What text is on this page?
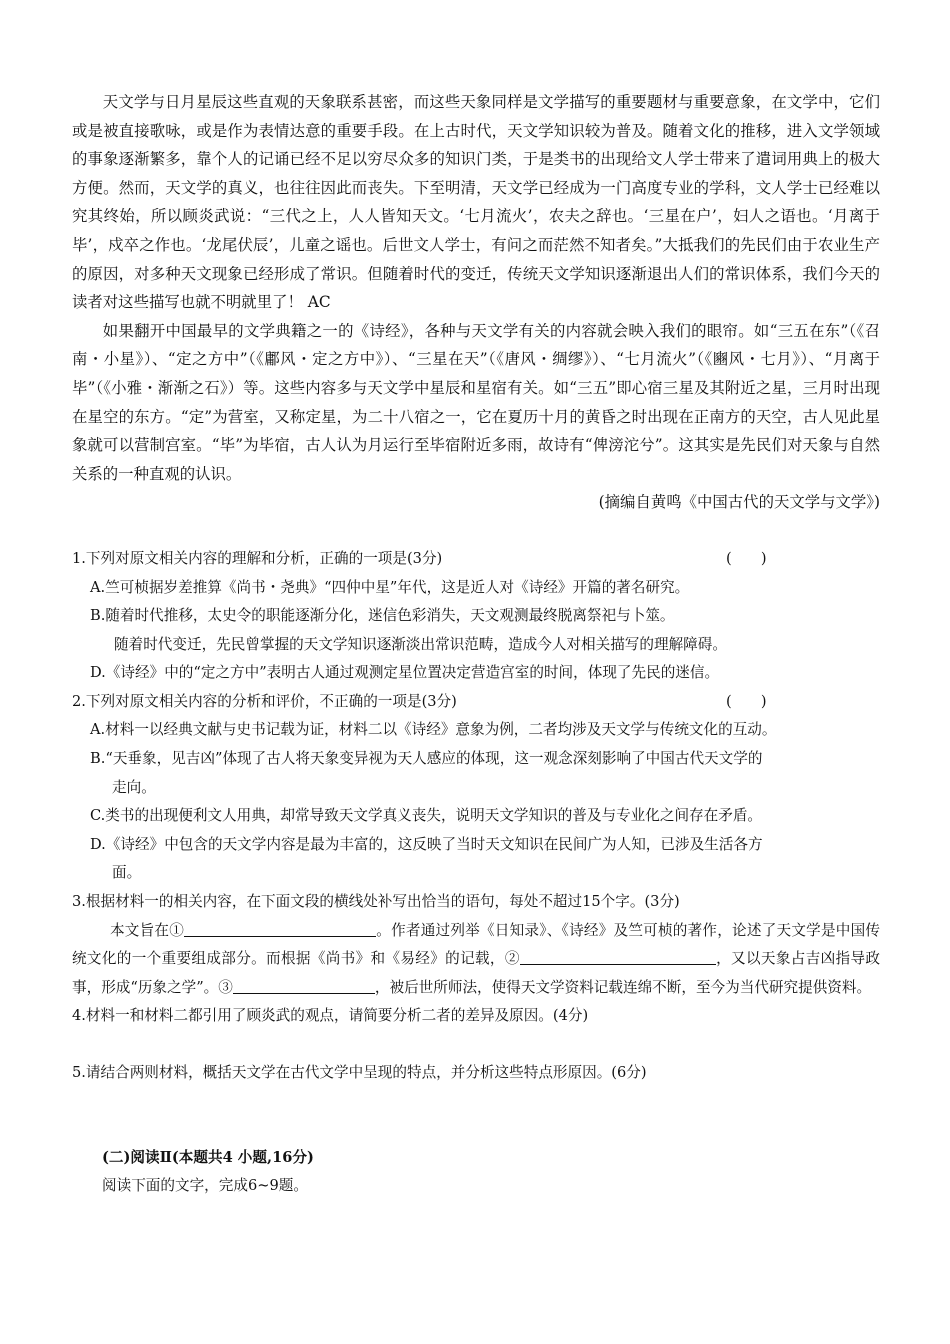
天文学与日月星辰这些直观的天象联系甚密，而这些天象同样是文学描写的重要题材与重要意象，在文学中，它们或是被直接歌咏，或是作为表情达意的重要手段。在上古时代，天文学知识较为普及。随着文化的推移，进入文学领域的事象逐渐繁多，靠个人的记诵已经不足以穷尽众多的知识门类，于是类书的出现给文人学士带来了遣词用典上的极大方便。然而，天文学的真义，也往往因此而丧失。下至明清，天文学已经成为一门高度专业的学科，文人学士已经难以究其终始，所以顾炎武说：“三代之上，人人皆知天文。‘七月流火’，农夫之辞也。‘三星在户’，妇人之语也。‘月离于毕’，戍卒之作也。‘龙尾伏辰’，儿童之谣也。后世文人学士，有问之而茫然不知者矣。”大抵我们的先民们由于农业生产的原因，对多种天文现象已经形成了常识。但随着时代的变迁，传统天文学知识逐渐退出人们的常识体系，我们今天的读者对这些描写也就不明就里了！ AC

如果翻开中国最早的文学典籍之一的《诗经》，各种与天文学有关的内容就会映入我们的眼帘。如“三五在东”（《召南・小星》）、“定之方中”（《鄘风・定之方中》）、“三星在天”（《唐风・绸缪》）、“七月流火”（《豳风・七月》）、“月离于毕”（《小雅・渐渐之石》）等。这些内容多与天文学中星辰和星宿有关。如“三五”即心宿三星及其附近之星，三月时出现在星空的东方。“定”为营室，又称定星，为二十八宿之一，它在夏历十月的黄昏之时出现在正南方的天空，古人见此星象就可以营制宫室。“毕”为毕宿，古人认为月运行至毕宿附近多雨，故诗有“俾滂沱兮”。这其实是先民们对天象与自然关系的一种直观的认识。

(摘编自黄鸣《中国古代的天文学与文学》)

1.下列对原文相关内容的理解和分析，正确的一项是(3分)	(　　)

A.竺可桢据岁差推算《尚书・尧典》“四仲中星”年代，这是近人对《诗经》开篇的著名研究。

B.随着时代推移，太史令的职能逐渐分化，迷信色彩消失，天文观测最终脱离祭祀与卜筮。

随着时代变迁，先民曾掌握的天文学知识逐渐淡出常识范畴，造成今人对相关描写的理解障碍。

D.《诗经》中的“定之方中”表明古人通过观测定星位置决定营造宫室的时间，体现了先民的迷信。

2.下列对原文相关内容的分析和评价，不正确的一项是(3分)	(　　)

A.材料一以经典文献与史书记载为证，材料二以《诗经》意象为例，二者均涉及天文学与传统文化的互动。

B.“天垂象，见吉凶”体现了古人将天象变异视为天人感应的体现，这一观念深刻影响了中国古代天文学的

走向。

C.类书的出现便利文人用典，却常导致天文学真义丧失，说明天文学知识的普及与专业化之间存在矛盾。

D.《诗经》中包含的天文学内容是最为丰富的，这反映了当时天文知识在民间广为人知，已涉及生活各方

面。

3.根据材料一的相关内容，在下面文段的横线处补写出恰当的语句，每处不超过15个字。(3分)

本文旨在①	。作者通过列举《日知录》、《诗经》及竺可桢的著作，论述了天文学是中国传统文化的一个重要组成部分。而根据《尚书》和《易经》的记载，②	，又以天象占吉凶指导政事，形成“历象之学”。③	，被后世所师法，使得天文学资料记载连绵不断，至今为当代研究提供资料。

4.材料一和材料二都引用了顾炎武的观点，请简要分析二者的差异及原因。(4分)

5.请结合两则材料，概括天文学在古代文学中呈现的特点，并分析这些特点形原因。(6分)

(二)阅读Ⅱ(本题共4 小题,16分)

阅读下面的文字，完成6~9题。
